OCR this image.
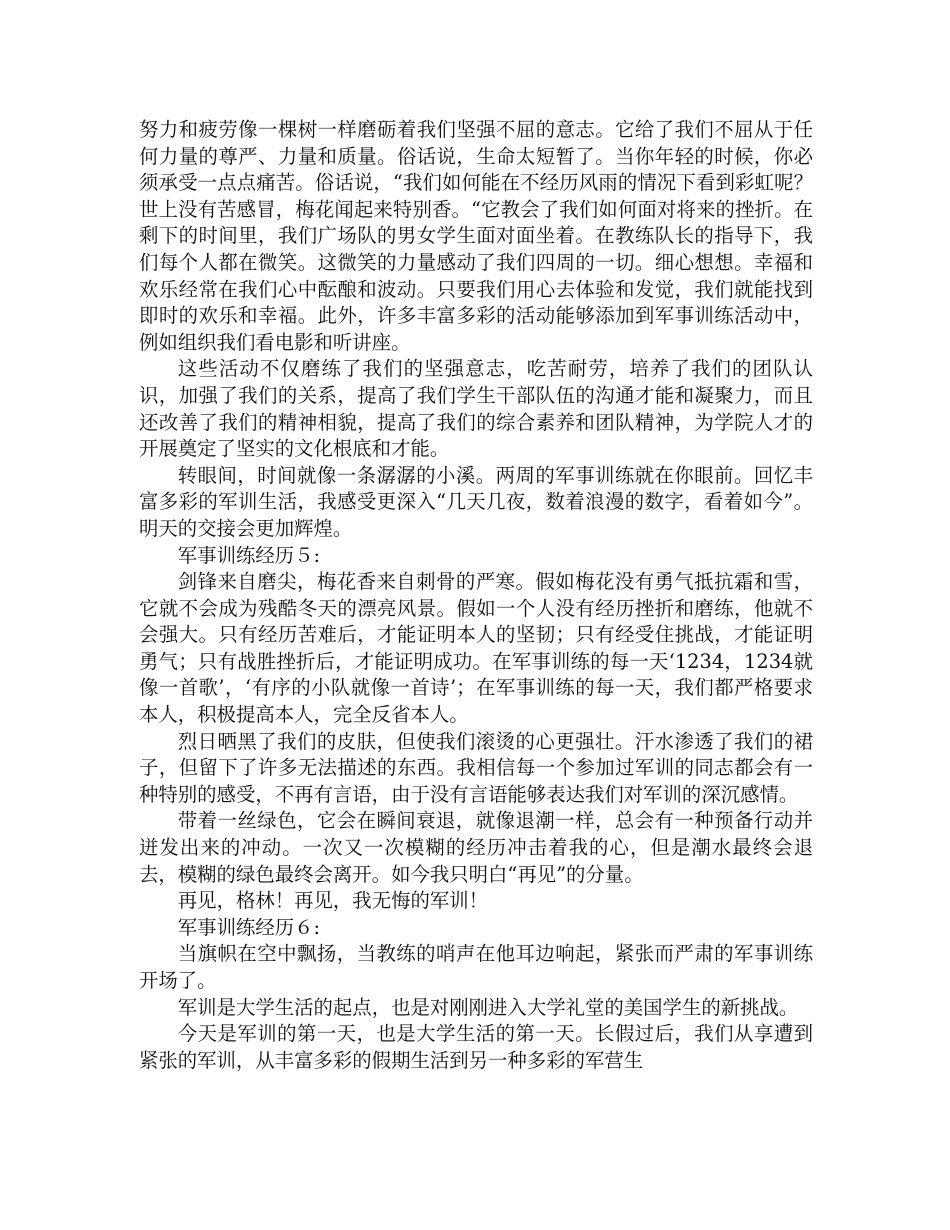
努力和疲劳像一棵树一样磨砺着我们坚强不屈的意志。它给了我们不屈从于任何力量的尊严、力量和质量。俗话说，生命太短暂了。当你年轻的时候，你必须承受一点点痛苦。俗话说，“我们如何能在不经历风雨的情况下看到彩虹呢？世上没有苦感冒，梅花闻起来特别香。“它教会了我们如何面对将来的挫折。在剩下的时间里，我们广场队的男女学生面对面坐着。在教练队长的指导下，我们每个人都在微笑。这微笑的力量感动了我们四周的一切。细心想想。幸福和欢乐经常在我们心中酝酿和波动。只要我们用心去体验和发觉，我们就能找到即时的欢乐和幸福。此外，许多丰富多彩的活动能够添加到军事训练活动中，例如组织我们看电影和听讲座。

这些活动不仅磨练了我们的坚强意志，吃苦耐劳，培养了我们的团队认识，加强了我们的关系，提高了我们学生干部队伍的沟通才能和凝聚力，而且还改善了我们的精神相貌，提高了我们的综合素养和团队精神，为学院人才的开展奠定了坚实的文化根底和才能。

转眼间，时间就像一条潺潺的小溪。两周的军事训练就在你眼前。回忆丰富多彩的军训生活，我感受更深入“几天几夜，数着浪漫的数字，看着如今”。明天的交接会更加辉煌。

军事训练经历５:

剑锋来自磨尖，梅花香来自刺骨的严寒。假如梅花没有勇气抵抗霜和雪，它就不会成为残酷冬天的漂亮风景。假如一个人没有经历挫折和磨练，他就不会强大。只有经历苦难后，才能证明本人的坚韧；只有经受住挑战，才能证明勇气；只有战胜挫折后，才能证明成功。在军事训练的每一天‘1234，1234就像一首歌’，‘有序的小队就像一首诗’；在军事训练的每一天，我们都严格要求本人，积极提高本人，完全反省本人。

烈日晒黑了我们的皮肤，但使我们滚烫的心更强壮。汗水渗透了我们的裙子，但留下了许多无法描述的东西。我相信每一个参加过军训的同志都会有一种特别的感受，不再有言语，由于没有言语能够表达我们对军训的深沉感情。

带着一丝绿色，它会在瞬间衰退，就像退潮一样，总会有一种预备行动并迸发出来的冲动。一次又一次模糊的经历冲击着我的心，但是潮水最终会退去，模糊的绿色最终会离开。如今我只明白“再见”的分量。

再见，格林！再见，我无悔的军训！

军事训练经历６:

当旗帜在空中飘扬，当教练的哨声在他耳边响起，紧张而严肃的军事训练开场了。

军训是大学生活的起点，也是对刚刚进入大学礼堂的美国学生的新挑战。

今天是军训的第一天，也是大学生活的第一天。长假过后，我们从享遭到紧张的军训，从丰富多彩的假期生活到另一种多彩的军营生
